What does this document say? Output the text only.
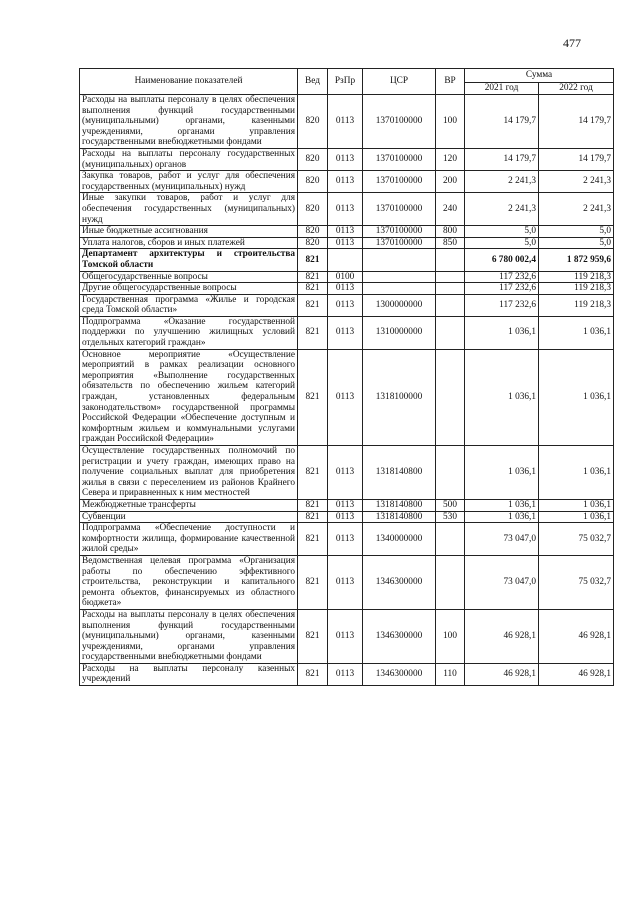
477
Наименование показателей	Вед	РзПр	ЦСР	ВР	Сумма	
					2021 год	2022 год
Расходы на выплаты персоналу в целях обеспечения выполнения функций государственными (муниципальными) органами, казенными учреждениями, органами управления государственными внебюджетными фондами	820	0113	1370100000	100	14 179,7	14 179,7
Расходы на выплаты персоналу государственных (муниципальных) органов	820	0113	1370100000	120	14 179,7	14 179,7
Закупка товаров, работ и услуг для обеспечения государственных (муниципальных) нужд	820	0113	1370100000	200	2 241,3	2 241,3
Иные закупки товаров, работ и услуг для обеспечения государственных (муниципальных) нужд	820	0113	1370100000	240	2 241,3	2 241,3
Иные бюджетные ассигнования	820	0113	1370100000	800	5,0	5,0
Уплата налогов, сборов и иных платежей	820	0113	1370100000	850	5,0	5,0
Департамент архитектуры и строительства Томской области	821				6 780 002,4	1 872 959,6
Общегосударственные вопросы	821	0100			117 232,6	119 218,3
Другие общегосударственные вопросы	821	0113			117 232,6	119 218,3
Государственная программа «Жилье и городская среда Томской области»	821	0113	1300000000		117 232,6	119 218,3
Подпрограмма «Оказание государственной поддержки по улучшению жилищных условий отдельных категорий граждан»	821	0113	1310000000		1 036,1	1 036,1
Основное мероприятие «Осуществление мероприятий в рамках реализации основного мероприятия «Выполнение государственных обязательств по обеспечению жильем категорий граждан, установленных федеральным законодательством» государственной программы Российской Федерации «Обеспечение доступным и комфортным жильем и коммунальными услугами граждан Российской Федерации»	821	0113	1318100000		1 036,1	1 036,1
Осуществление государственных полномочий по регистрации и учету граждан, имеющих право на получение социальных выплат для приобретения жилья в связи с переселением из районов Крайнего Севера и приравненных к ним местностей	821	0113	1318140800		1 036,1	1 036,1
Межбюджетные трансферты	821	0113	1318140800	500	1 036,1	1 036,1
Субвенции	821	0113	1318140800	530	1 036,1	1 036,1
Подпрограмма «Обеспечение доступности и комфортности жилища, формирование качественной жилой среды»	821	0113	1340000000		73 047,0	75 032,7
Ведомственная целевая программа «Организация работы по обеспечению эффективного строительства, реконструкции и капитального ремонта объектов, финансируемых из областного бюджета»	821	0113	1346300000		73 047,0	75 032,7
Расходы на выплаты персоналу в целях обеспечения выполнения функций государственными (муниципальными) органами, казенными учреждениями, органами управления государственными внебюджетными фондами	821	0113	1346300000	100	46 928,1	46 928,1
Расходы на выплаты персоналу казенных учреждений	821	0113	1346300000	110	46 928,1	46 928,1
